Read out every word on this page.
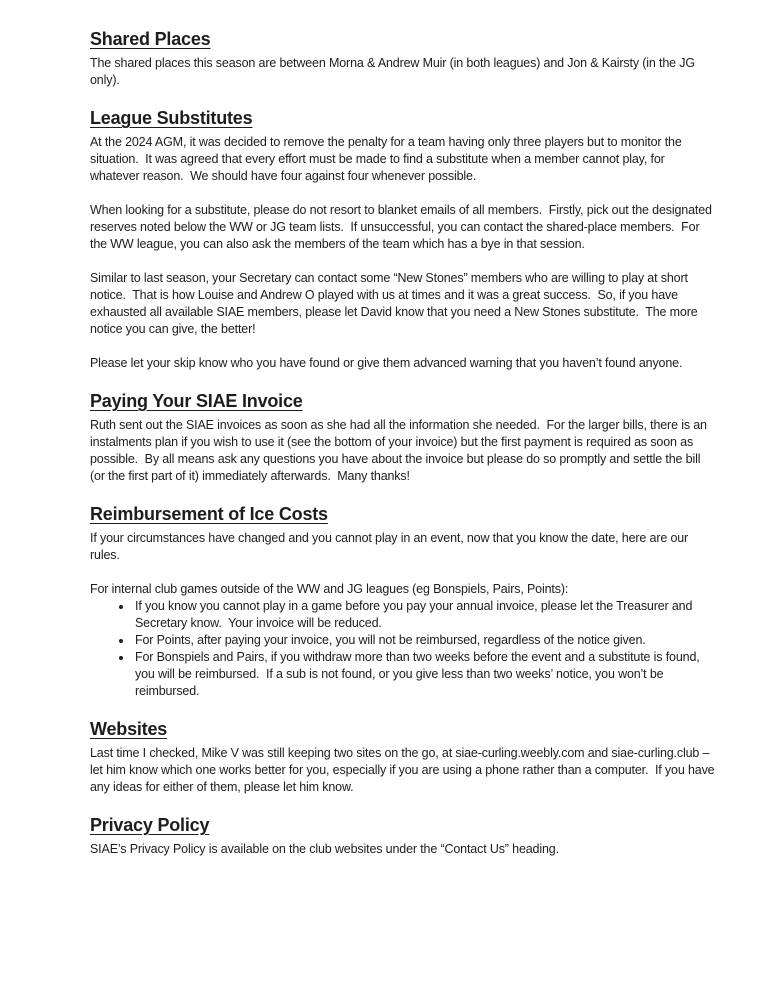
Shared Places

The shared places this season are between Morna & Andrew Muir (in both leagues) and Jon & Kairsty (in the JG only).

League Substitutes

At the 2024 AGM, it was decided to remove the penalty for a team having only three players but to monitor the situation.  It was agreed that every effort must be made to find a substitute when a member cannot play, for whatever reason.  We should have four against four whenever possible.

When looking for a substitute, please do not resort to blanket emails of all members.  Firstly, pick out the designated reserves noted below the WW or JG team lists.  If unsuccessful, you can contact the shared-place members.  For the WW league, you can also ask the members of the team which has a bye in that session.

Similar to last season, your Secretary can contact some “New Stones” members who are willing to play at short notice.  That is how Louise and Andrew O played with us at times and it was a great success.  So, if you have exhausted all available SIAE members, please let David know that you need a New Stones substitute.  The more notice you can give, the better!

Please let your skip know who you have found or give them advanced warning that you haven’t found anyone.

Paying Your SIAE Invoice

Ruth sent out the SIAE invoices as soon as she had all the information she needed.  For the larger bills, there is an instalments plan if you wish to use it (see the bottom of your invoice) but the first payment is required as soon as possible.  By all means ask any questions you have about the invoice but please do so promptly and settle the bill (or the first part of it) immediately afterwards.  Many thanks!

Reimbursement of Ice Costs

If your circumstances have changed and you cannot play in an event, now that you know the date, here are our rules.

For internal club games outside of the WW and JG leagues (eg Bonspiels, Pairs, Points):

• If you know you cannot play in a game before you pay your annual invoice, please let the Treasurer and Secretary know.  Your invoice will be reduced.
• For Points, after paying your invoice, you will not be reimbursed, regardless of the notice given.
• For Bonspiels and Pairs, if you withdraw more than two weeks before the event and a substitute is found, you will be reimbursed.  If a sub is not found, or you give less than two weeks’ notice, you won’t be reimbursed.
Websites

Last time I checked, Mike V was still keeping two sites on the go, at siae-curling.weebly.com and siae-curling.club – let him know which one works better for you, especially if you are using a phone rather than a computer.  If you have any ideas for either of them, please let him know.

Privacy Policy

SIAE’s Privacy Policy is available on the club websites under the “Contact Us” heading.
